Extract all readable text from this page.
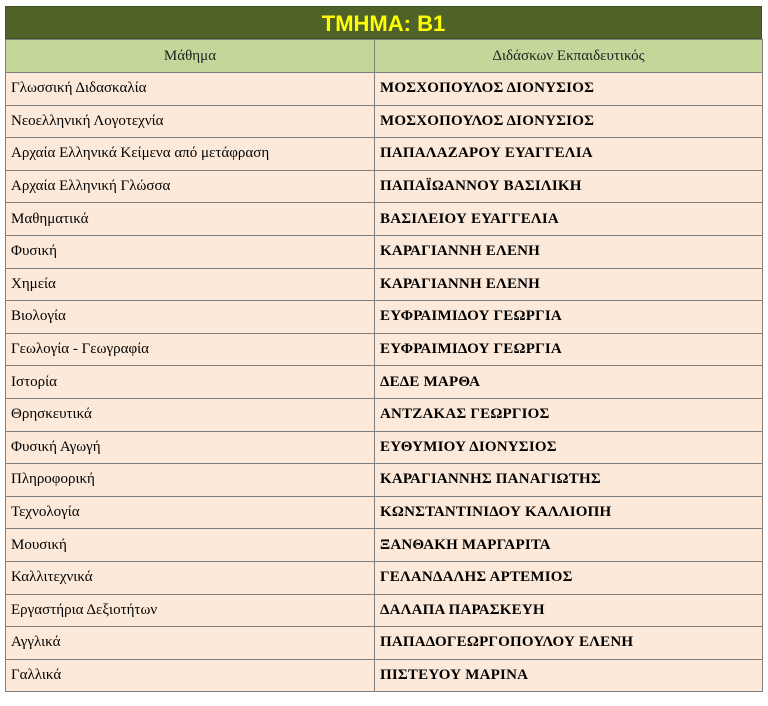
ΤΜΗΜΑ: Β1
Μάθημα	Διδάσκων Εκπαιδευτικός
Γλωσσική Διδασκαλία	ΜΟΣΧΟΠΟΥΛΟΣ ΔΙΟΝΥΣΙΟΣ
Νεοελληνική Λογοτεχνία	ΜΟΣΧΟΠΟΥΛΟΣ ΔΙΟΝΥΣΙΟΣ
Αρχαία Ελληνικά Κείμενα από μετάφραση	ΠΑΠΑΛΑΖΑΡΟΥ ΕΥΑΓΓΕΛΙΑ
Αρχαία Ελληνική Γλώσσα	ΠΑΠΑΪΩΑΝΝΟΥ ΒΑΣΙΛΙΚΗ
Μαθηματικά	ΒΑΣΙΛΕΙΟΥ ΕΥΑΓΓΕΛΙΑ
Φυσική	ΚΑΡΑΓΙΑΝΝΗ ΕΛΕΝΗ
Χημεία	ΚΑΡΑΓΙΑΝΝΗ ΕΛΕΝΗ
Βιολογία	ΕΥΦΡΑΙΜΙΔΟΥ ΓΕΩΡΓΙΑ
Γεωλογία - Γεωγραφία	ΕΥΦΡΑΙΜΙΔΟΥ ΓΕΩΡΓΙΑ
Ιστορία	ΔΕΔΕ ΜΑΡΘΑ
Θρησκευτικά	ΑΝΤΖΑΚΑΣ ΓΕΩΡΓΙΟΣ
Φυσική Αγωγή	ΕΥΘΥΜΙΟΥ ΔΙΟΝΥΣΙΟΣ
Πληροφορική	ΚΑΡΑΓΙΑΝΝΗΣ ΠΑΝΑΓΙΩΤΗΣ
Τεχνολογία	ΚΩΝΣΤΑΝΤΙΝΙΔΟΥ ΚΑΛΛΙΟΠΗ
Μουσική	ΞΑΝΘΑΚΗ ΜΑΡΓΑΡΙΤΑ
Καλλιτεχνικά	ΓΕΛΑΝΔΑΛΗΣ ΑΡΤΕΜΙΟΣ
Εργαστήρια Δεξιοτήτων	ΔΑΛΑΠΑ ΠΑΡΑΣΚΕΥΗ
Αγγλικά	ΠΑΠΑΔΟΓΕΩΡΓΟΠΟΥΛΟΥ ΕΛΕΝΗ
Γαλλικά	ΠΙΣΤΕΥΟΥ ΜΑΡΙΝΑ
